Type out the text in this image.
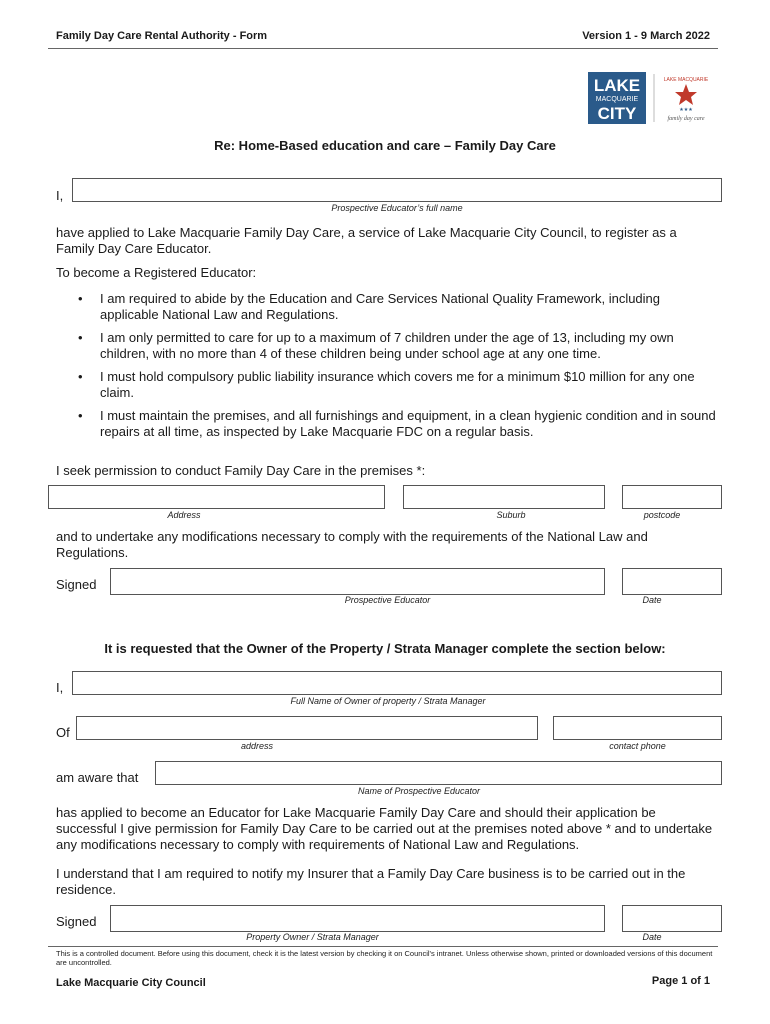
Family Day Care Rental Authority - Form	Version 1 - 9 March 2022
LAKE
MACQUARIE
CITY
LAKE MACQUARIE
★★★
family day care
Re: Home-Based education and care – Family Day Care
I,
Prospective Educator’s full name
have applied to Lake Macquarie Family Day Care, a service of Lake Macquarie City Council, to register as a Family Day Care Educator.
To become a Registered Educator:
• I am required to abide by the Education and Care Services National Quality Framework, including applicable National Law and Regulations.
• I am only permitted to care for up to a maximum of 7 children under the age of 13, including my own children, with no more than 4 of these children being under school age at any one time.
• I must hold compulsory public liability insurance which covers me for a minimum $10 million for any one claim.
• I must maintain the premises, and all furnishings and equipment, in a clean hygienic condition and in sound repairs at all time, as inspected by Lake Macquarie FDC on a regular basis.
I seek permission to conduct Family Day Care in the premises *:
Address	Suburb	postcode
and to undertake any modifications necessary to comply with the requirements of the National Law and Regulations.
Signed
Prospective Educator	Date
It is requested that the Owner of the Property / Strata Manager complete the section below:
I,
Full Name of Owner of property / Strata Manager
Of
address	contact phone
am aware that
Name of Prospective Educator
has applied to become an Educator for Lake Macquarie Family Day Care and should their application be successful I give permission for Family Day Care to be carried out at the premises noted above * and to undertake any modifications necessary to comply with requirements of National Law and Regulations.
I understand that I am required to notify my Insurer that a Family Day Care business is to be carried out in the residence.
Signed
Property Owner / Strata Manager	Date
This is a controlled document. Before using this document, check it is the latest version by checking it on Council's intranet. Unless otherwise shown, printed or downloaded versions of this document are uncontrolled.
Lake Macquarie City Council	Page 1 of 1
